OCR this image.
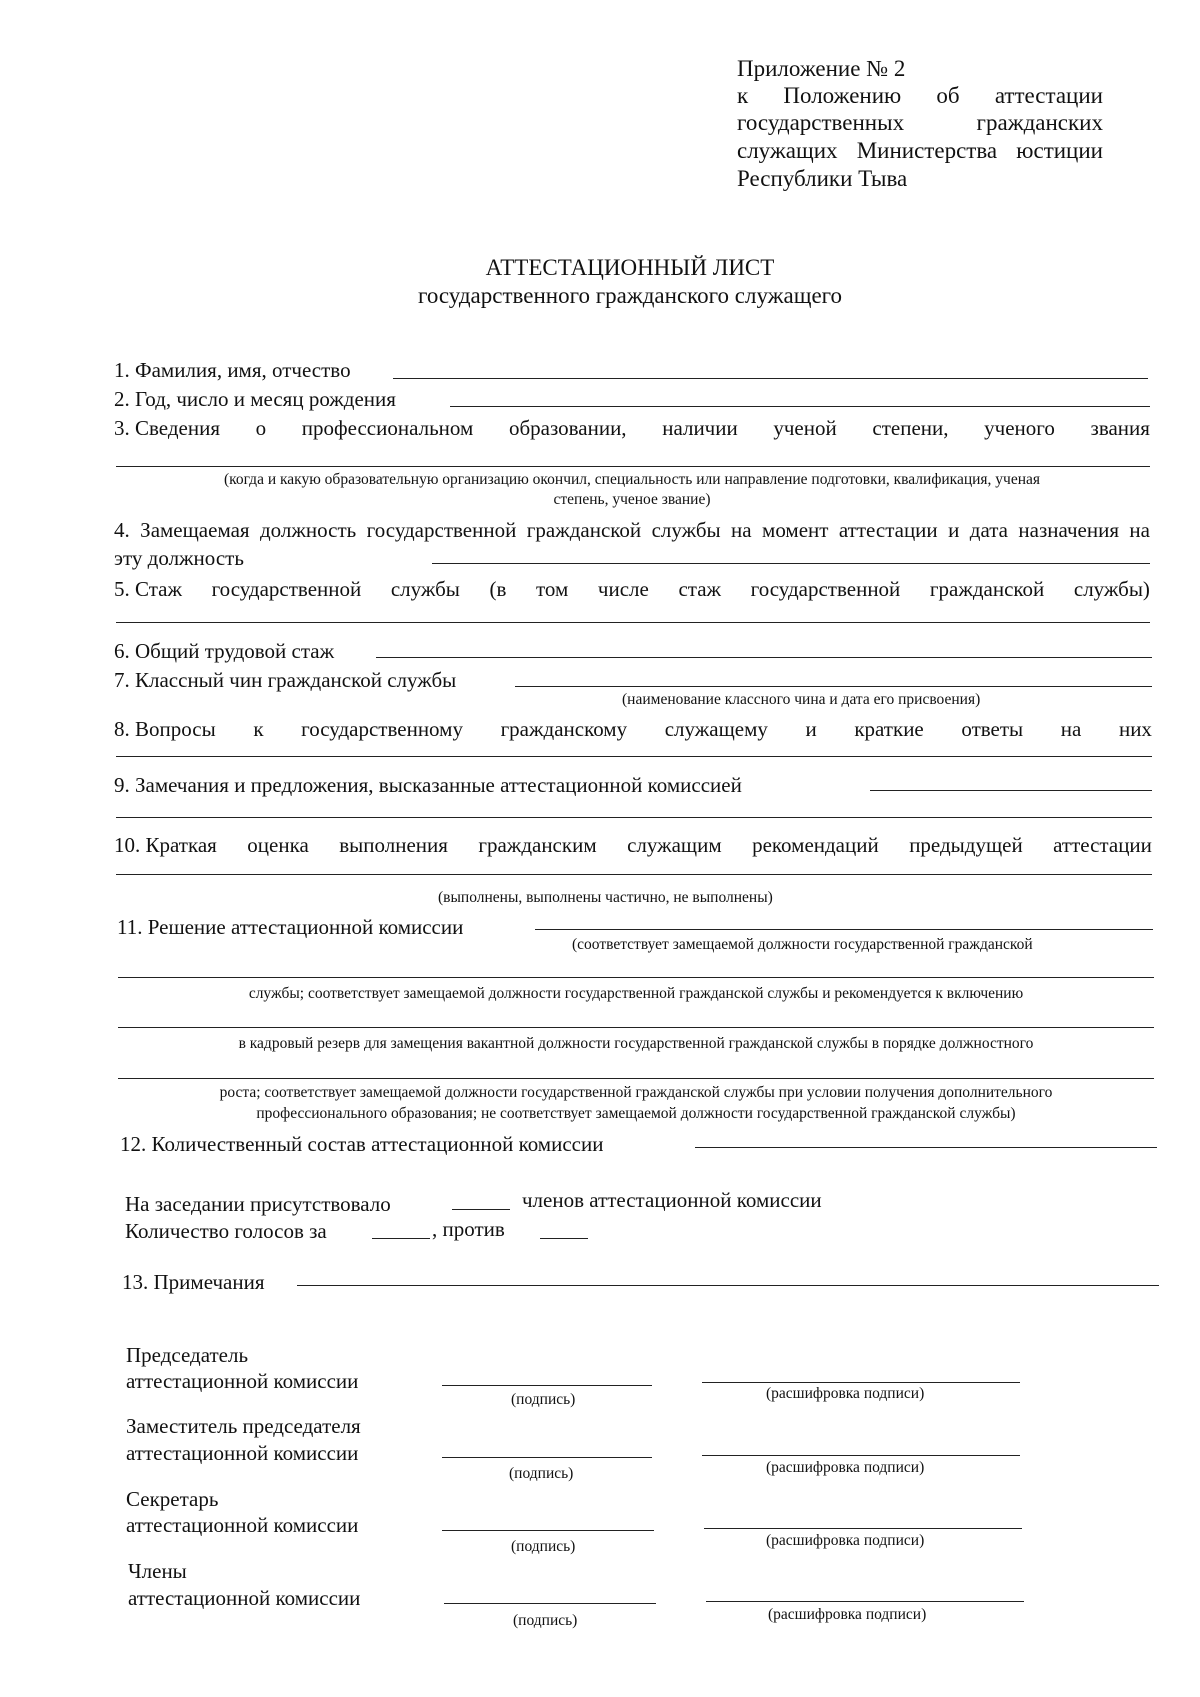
Приложение № 2
к Положению об аттестации
государственных	гражданских
служащих Министерства юстиции
Республики Тыва
АТТЕСТАЦИОННЫЙ ЛИСТ
государственного гражданского служащего
1. Фамилия, имя, отчество
2. Год, число и месяц рождения
3. Сведения о профессиональном образовании, наличии ученой степени, ученого звания
(когда и какую образовательную организацию окончил, специальность или направление подготовки, квалификация, ученая
степень, ученое звание)
4. Замещаемая должность государственной гражданской службы на момент аттестации и дата назначения на
эту должность
5. Стаж государственной службы (в том числе стаж государственной гражданской службы)
6. Общий трудовой стаж
7. Классный чин гражданской службы
(наименование классного чина и дата его присвоения)
8. Вопросы к государственному гражданскому служащему и краткие ответы на них
9. Замечания и предложения, высказанные аттестационной комиссией
10. Краткая оценка выполнения гражданским служащим рекомендаций предыдущей аттестации
(выполнены, выполнены частично, не выполнены)
11. Решение аттестационной комиссии
(соответствует замещаемой должности государственной гражданской
службы; соответствует замещаемой должности государственной гражданской службы и рекомендуется к включению
в кадровый резерв для замещения вакантной должности государственной гражданской службы в порядке должностного
роста; соответствует замещаемой должности государственной гражданской службы при условии получения дополнительного
профессионального образования; не соответствует замещаемой должности государственной гражданской службы)
12. Количественный состав аттестационной комиссии
На заседании присутствовало	членов аттестационной комиссии
Количество голосов за	, против
13. Примечания
Председатель
аттестационной комиссии
(подпись)	(расшифровка подписи)
Заместитель председателя
аттестационной комиссии
(подпись)	(расшифровка подписи)
Секретарь
аттестационной комиссии
(подпись)	(расшифровка подписи)
Члены
аттестационной комиссии
(подпись)	(расшифровка подписи)
